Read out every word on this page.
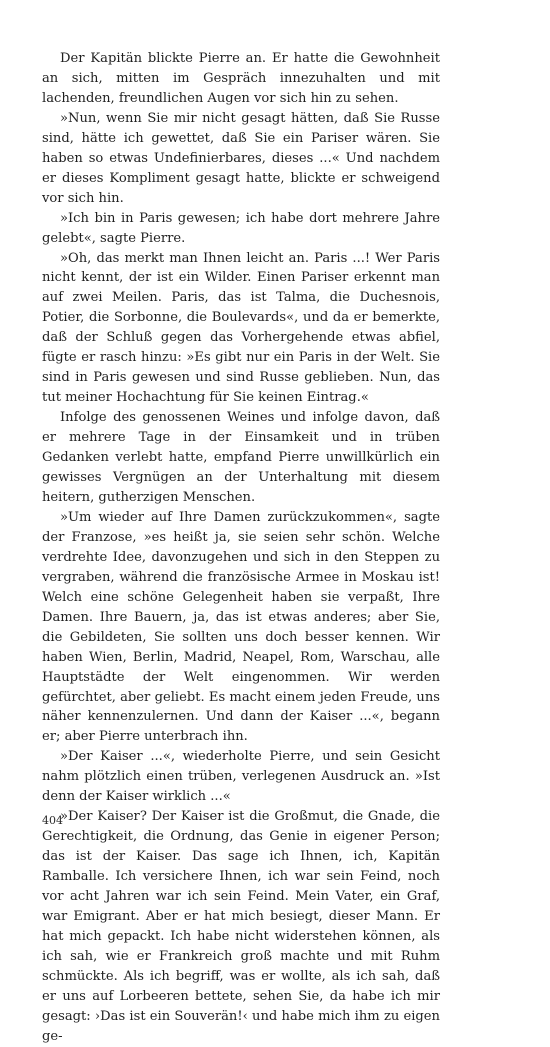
Der Kapitän blickte Pierre an. Er hatte die Gewohnheit an sich, mitten im Gespräch innezuhalten und mit lachenden, freundlichen Augen vor sich hin zu sehen.

»Nun, wenn Sie mir nicht gesagt hätten, daß Sie Russe sind, hätte ich gewettet, daß Sie ein Pariser wären. Sie haben so etwas Undefinierbares, dieses ...« Und nachdem er dieses Kompliment gesagt hatte, blickte er schweigend vor sich hin.

»Ich bin in Paris gewesen; ich habe dort mehrere Jahre gelebt«, sagte Pierre.

»Oh, das merkt man Ihnen leicht an. Paris ...! Wer Paris nicht kennt, der ist ein Wilder. Einen Pariser erkennt man auf zwei Meilen. Paris, das ist Talma, die Duchesnois, Potier, die Sorbonne, die Boulevards«, und da er bemerkte, daß der Schluß gegen das Vorhergehende etwas abfiel, fügte er rasch hinzu: »Es gibt nur ein Paris in der Welt. Sie sind in Paris gewesen und sind Russe geblieben. Nun, das tut meiner Hochachtung für Sie keinen Eintrag.«

Infolge des genossenen Weines und infolge davon, daß er mehrere Tage in der Einsamkeit und in trüben Gedanken verlebt hatte, empfand Pierre unwillkürlich ein gewisses Vergnügen an der Unterhaltung mit diesem heitern, gutherzigen Menschen.

»Um wieder auf Ihre Damen zurückzukommen«, sagte der Franzose, »es heißt ja, sie seien sehr schön. Welche verdrehte Idee, davonzugehen und sich in den Steppen zu vergraben, während die französische Armee in Moskau ist! Welch eine schöne Gelegenheit haben sie verpaßt, Ihre Damen. Ihre Bauern, ja, das ist etwas anderes; aber Sie, die Gebildeten, Sie sollten uns doch besser kennen. Wir haben Wien, Berlin, Madrid, Neapel, Rom, Warschau, alle Hauptstädte der Welt eingenommen. Wir werden gefürchtet, aber geliebt. Es macht einem jeden Freude, uns näher kennenzulernen. Und dann der Kaiser ...«, begann er; aber Pierre unterbrach ihn.

»Der Kaiser ...«, wiederholte Pierre, und sein Gesicht nahm plötzlich einen trüben, verlegenen Ausdruck an. »Ist denn der Kaiser wirklich ...«

»Der Kaiser? Der Kaiser ist die Großmut, die Gnade, die Gerechtigkeit, die Ordnung, das Genie in eigener Person; das ist der Kaiser. Das sage ich Ihnen, ich, Kapitän Ramballe. Ich versichere Ihnen, ich war sein Feind, noch vor acht Jahren war ich sein Feind. Mein Vater, ein Graf, war Emigrant. Aber er hat mich besiegt, dieser Mann. Er hat mich gepackt. Ich habe nicht widerstehen können, als ich sah, wie er Frankreich groß machte und mit Ruhm schmückte. Als ich begriff, was er wollte, als ich sah, daß er uns auf Lorbeeren bettete, sehen Sie, da habe ich mir gesagt: ›Das ist ein Souverän!‹ und habe mich ihm zu eigen ge-

404
